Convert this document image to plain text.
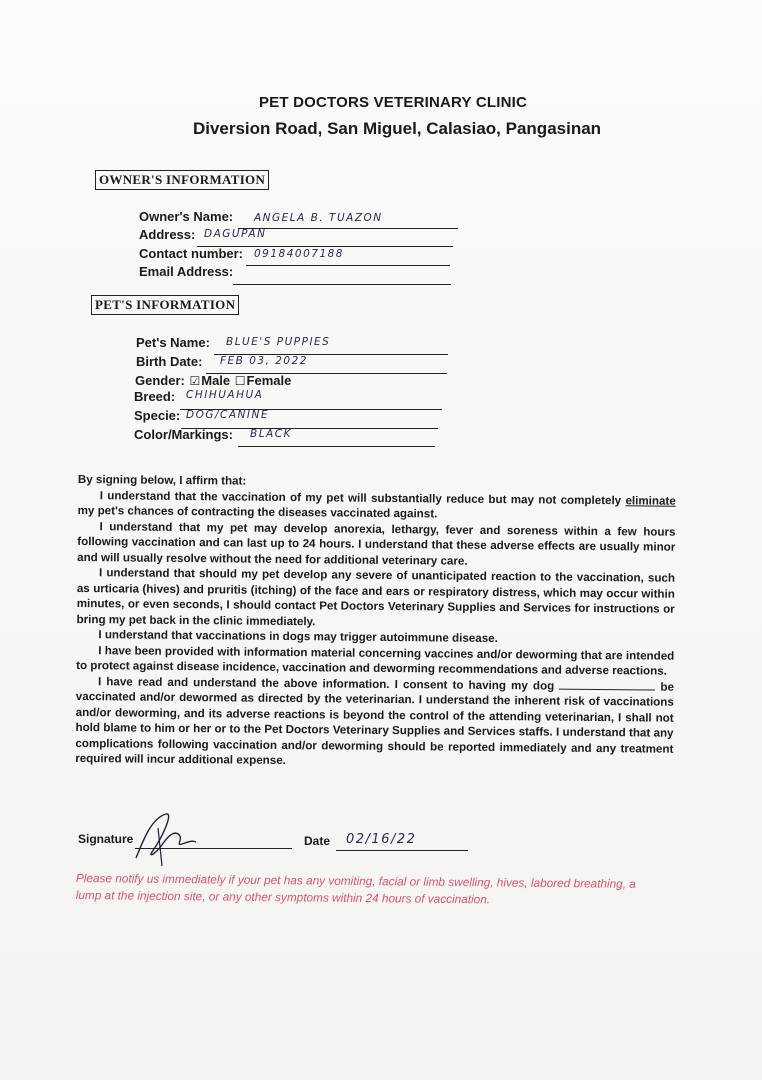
PET DOCTORS VETERINARY CLINIC
Diversion Road, San Miguel, Calasiao, Pangasinan
OWNER'S INFORMATION
Owner's Name: ANGELA B. TUAZON
Address: DAGUPAN
Contact number: 09184007188
Email Address:
PET'S INFORMATION
Pet's Name: BLUE'S PUPPIES
Birth Date: FEB 03, 2022
Gender: ☑Male ☐Female
Breed: CHIHUAHUA
Specie: DOG/CANINE
Color/Markings: BLACK

By signing below, I affirm that:

I understand that the vaccination of my pet will substantially reduce but may not completely eliminate my pet's chances of contracting the diseases vaccinated against.

I understand that my pet may develop anorexia, lethargy, fever and soreness within a few hours following vaccination and can last up to 24 hours. I understand that these adverse effects are usually minor and will usually resolve without the need for additional veterinary care.

I understand that should my pet develop any severe of unanticipated reaction to the vaccination, such as urticaria (hives) and pruritis (itching) of the face and ears or respiratory distress, which may occur within minutes, or even seconds, I should contact Pet Doctors Veterinary Supplies and Services for instructions or bring my pet back in the clinic immediately.

I understand that vaccinations in dogs may trigger autoimmune disease.

I have been provided with information material concerning vaccines and/or deworming that are intended to protect against disease incidence, vaccination and deworming recommendations and adverse reactions.

I have read and understand the above information. I consent to having my dog	be vaccinated and/or dewormed as directed by the veterinarian. I understand the inherent risk of vaccinations and/or deworming, and its adverse reactions is beyond the control of the attending veterinarian, I shall not hold blame to him or her or to the Pet Doctors Veterinary Supplies and Services staffs. I understand that any complications following vaccination and/or deworming should be reported immediately and any treatment required will incur additional expense.

Signature	Date 02/16/22
Please notify us immediately if your pet has any vomiting, facial or limb swelling, hives, labored breathing, a lump at the injection site, or any other symptoms within 24 hours of vaccination.
